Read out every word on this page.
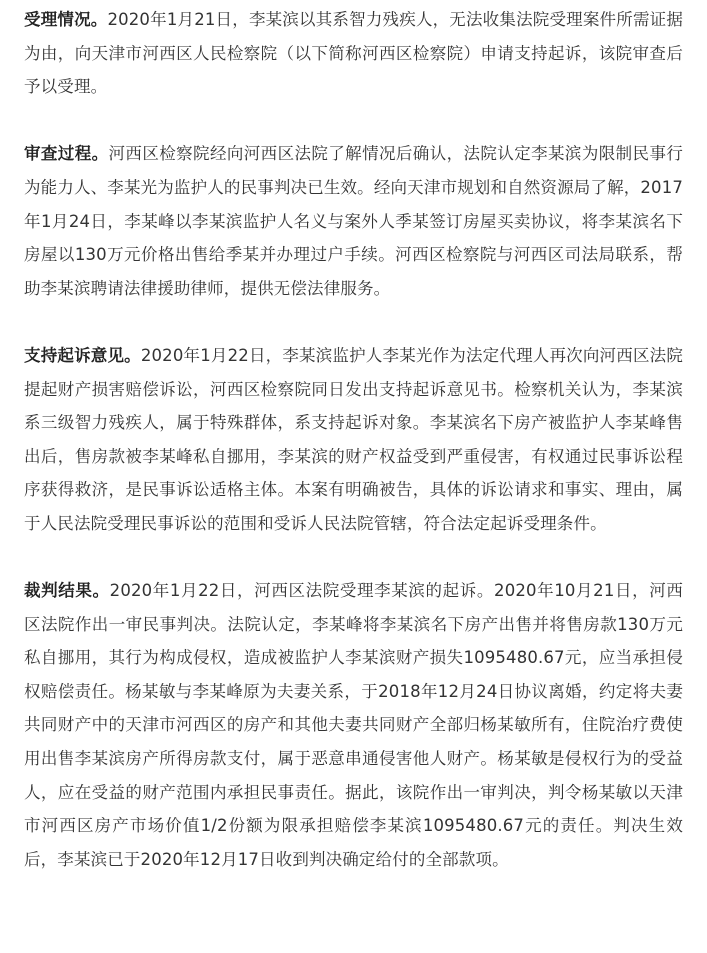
受理情况。2020年1月21日，李某滨以其系智力残疾人，无法收集法院受理案件所需证据为由，向天津市河西区人民检察院（以下简称河西区检察院）申请支持起诉，该院审查后予以受理。

审查过程。河西区检察院经向河西区法院了解情况后确认，法院认定李某滨为限制民事行为能力人、李某光为监护人的民事判决已生效。经向天津市规划和自然资源局了解，2017年1月24日，李某峰以李某滨监护人名义与案外人季某签订房屋买卖协议，将李某滨名下房屋以130万元价格出售给季某并办理过户手续。河西区检察院与河西区司法局联系，帮助李某滨聘请法律援助律师，提供无偿法律服务。

支持起诉意见。2020年1月22日，李某滨监护人李某光作为法定代理人再次向河西区法院提起财产损害赔偿诉讼，河西区检察院同日发出支持起诉意见书。检察机关认为，李某滨系三级智力残疾人，属于特殊群体，系支持起诉对象。李某滨名下房产被监护人李某峰售出后，售房款被李某峰私自挪用，李某滨的财产权益受到严重侵害，有权通过民事诉讼程序获得救济，是民事诉讼适格主体。本案有明确被告，具体的诉讼请求和事实、理由，属于人民法院受理民事诉讼的范围和受诉人民法院管辖，符合法定起诉受理条件。

裁判结果。2020年1月22日，河西区法院受理李某滨的起诉。2020年10月21日，河西区法院作出一审民事判决。法院认定，李某峰将李某滨名下房产出售并将售房款130万元私自挪用，其行为构成侵权，造成被监护人李某滨财产损失1095480.67元，应当承担侵权赔偿责任。杨某敏与李某峰原为夫妻关系，于2018年12月24日协议离婚，约定将夫妻共同财产中的天津市河西区的房产和其他夫妻共同财产全部归杨某敏所有，住院治疗费使用出售李某滨房产所得房款支付，属于恶意串通侵害他人财产。杨某敏是侵权行为的受益人，应在受益的财产范围内承担民事责任。据此，该院作出一审判决，判令杨某敏以天津市河西区房产市场价值1/2份额为限承担赔偿李某滨1095480.67元的责任。判决生效后，李某滨已于2020年12月17日收到判决确定给付的全部款项。
